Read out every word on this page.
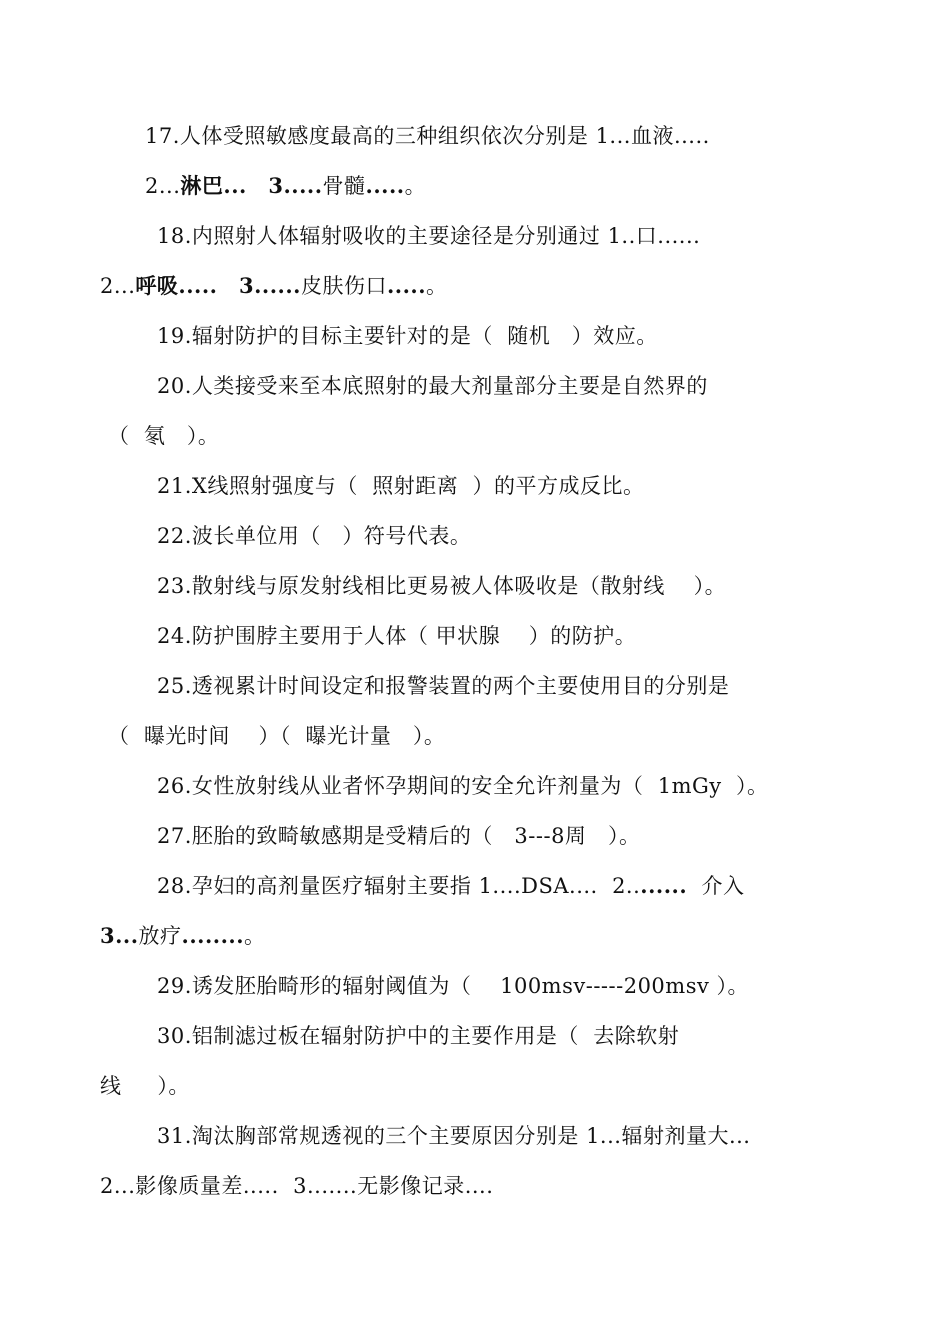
17.人体受照敏感度最高的三种组织依次分别是 1...血液.....
2...淋巴... 3.....骨髓.....。
18.内照射人体辐射吸收的主要途径是分别通过 1..口......
2...呼吸..... 3......皮肤伤口.....。
19.辐射防护的目标主要针对的是（  随机   ）效应。
20.人类接受来至本底照射的最大剂量部分主要是自然界的
（  氡   ）。
21.X线照射强度与（  照射距离  ）的平方成反比。
22.波长单位用（   ）符号代表。
23.散射线与原发射线相比更易被人体吸收是（散射线    ）。
24.防护围脖主要用于人体（ 甲状腺    ）的防护。
25.透视累计时间设定和报警装置的两个主要使用目的分别是
（  曝光时间    ）（  曝光计量   ）。
26.女性放射线从业者怀孕期间的安全允许剂量为（  1mGy  ）。
27.胚胎的致畸敏感期是受精后的（   3---8周   ）。
28.孕妇的高剂量医疗辐射主要指 1....DSA....  2........  介入
3...放疗........。
29.诱发胚胎畸形的辐射阈值为（    100msv-----200msv ）。
30.铝制滤过板在辐射防护中的主要作用是（  去除软射
线     ）。
31.淘汰胸部常规透视的三个主要原因分别是 1...辐射剂量大...
2...影像质量差.....  3.......无影像记录....
